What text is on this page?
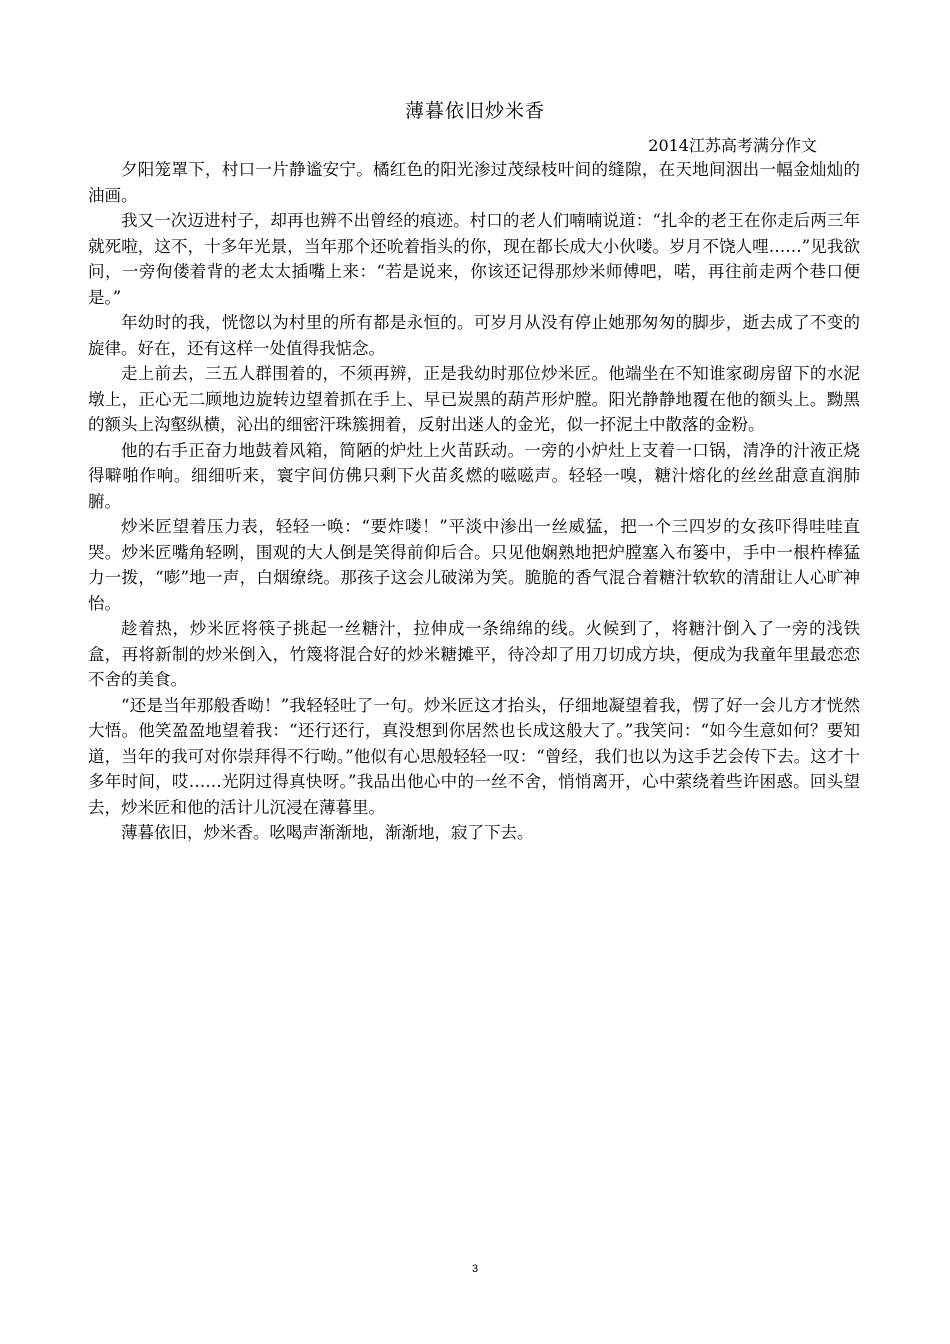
薄暮依旧炒米香
2014江苏高考满分作文

夕阳笼罩下，村口一片静谧安宁。橘红色的阳光渗过茂绿枝叶间的缝隙，在天地间洇出一幅金灿灿的油画。

我又一次迈进村子，却再也辨不出曾经的痕迹。村口的老人们喃喃说道：“扎伞的老王在你走后两三年就死啦，这不，十多年光景，当年那个还吮着指头的你，现在都长成大小伙喽。岁月不饶人哩……”见我欲问，一旁佝偻着背的老太太插嘴上来：“若是说来，你该还记得那炒米师傅吧，喏，再往前走两个巷口便是。”

年幼时的我，恍惚以为村里的所有都是永恒的。可岁月从没有停止她那匆匆的脚步，逝去成了不变的旋律。好在，还有这样一处值得我惦念。

走上前去，三五人群围着的，不须再辨，正是我幼时那位炒米匠。他端坐在不知谁家砌房留下的水泥墩上，正心无二顾地边旋转边望着抓在手上、早已炭黑的葫芦形炉膛。阳光静静地覆在他的额头上。黝黑的额头上沟壑纵横，沁出的细密汗珠簇拥着，反射出迷人的金光，似一抔泥土中散落的金粉。

他的右手正奋力地鼓着风箱，简陋的炉灶上火苗跃动。一旁的小炉灶上支着一口锅，清净的汁液正烧得噼啪作响。细细听来，寰宇间仿佛只剩下火苗炙燃的嗞嗞声。轻轻一嗅，糖汁熔化的丝丝甜意直润肺腑。

炒米匠望着压力表，轻轻一唤：“要炸喽！”平淡中渗出一丝威猛，把一个三四岁的女孩吓得哇哇直哭。炒米匠嘴角轻咧，围观的大人倒是笑得前仰后合。只见他娴熟地把炉膛塞入布篓中，手中一根杵棒猛力一拨，“嘭”地一声，白烟缭绕。那孩子这会儿破涕为笑。脆脆的香气混合着糖汁软软的清甜让人心旷神怡。

趁着热，炒米匠将筷子挑起一丝糖汁，拉伸成一条绵绵的线。火候到了，将糖汁倒入了一旁的浅铁盒，再将新制的炒米倒入，竹篾将混合好的炒米糖摊平，待冷却了用刀切成方块，便成为我童年里最恋恋不舍的美食。

“还是当年那般香呦！”我轻轻吐了一句。炒米匠这才抬头，仔细地凝望着我，愣了好一会儿方才恍然大悟。他笑盈盈地望着我：“还行还行，真没想到你居然也长成这般大了。”我笑问：“如今生意如何？要知道，当年的我可对你崇拜得不行呦。”他似有心思般轻轻一叹：“曾经，我们也以为这手艺会传下去。这才十多年时间，哎……光阴过得真快呀。”我品出他心中的一丝不舍，悄悄离开，心中萦绕着些许困惑。回头望去，炒米匠和他的活计儿沉浸在薄暮里。

薄暮依旧，炒米香。吆喝声渐渐地，渐渐地，寂了下去。

3
